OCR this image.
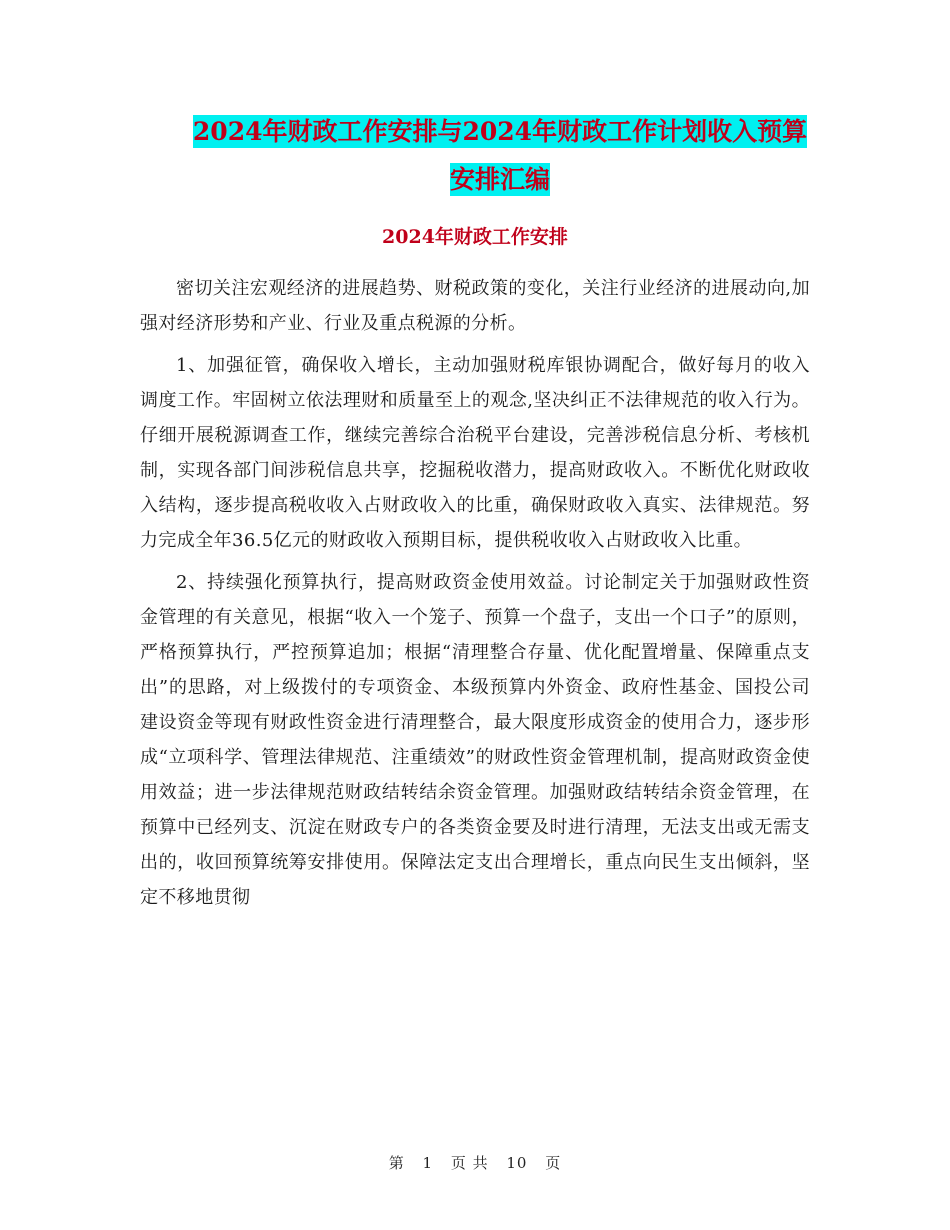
2024年财政工作安排与2024年财政工作计划收入预算
安排汇编
2024年财政工作安排

密切关注宏观经济的进展趋势、财税政策的变化，关注行业经济的进展动向,加强对经济形势和产业、行业及重点税源的分析。

1、加强征管，确保收入增长，主动加强财税库银协调配合，做好每月的收入调度工作。牢固树立依法理财和质量至上的观念,坚决纠正不法律规范的收入行为。仔细开展税源调查工作，继续完善综合治税平台建设，完善涉税信息分析、考核机制，实现各部门间涉税信息共享，挖掘税收潜力，提高财政收入。不断优化财政收入结构，逐步提高税收收入占财政收入的比重，确保财政收入真实、法律规范。努力完成全年36.5亿元的财政收入预期目标，提供税收收入占财政收入比重。

2、持续强化预算执行，提高财政资金使用效益。讨论制定关于加强财政性资金管理的有关意见，根据“收入一个笼子、预算一个盘子，支出一个口子”的原则，严格预算执行，严控预算追加；根据“清理整合存量、优化配置增量、保障重点支出”的思路，对上级拨付的专项资金、本级预算内外资金、政府性基金、国投公司建设资金等现有财政性资金进行清理整合，最大限度形成资金的使用合力，逐步形成“立项科学、管理法律规范、注重绩效”的财政性资金管理机制，提高财政资金使用效益；进一步法律规范财政结转结余资金管理。加强财政结转结余资金管理，在预算中已经列支、沉淀在财政专户的各类资金要及时进行清理，无法支出或无需支出的，收回预算统筹安排使用。保障法定支出合理增长，重点向民生支出倾斜，坚定不移地贯彻

第 1 页 共 10 页
